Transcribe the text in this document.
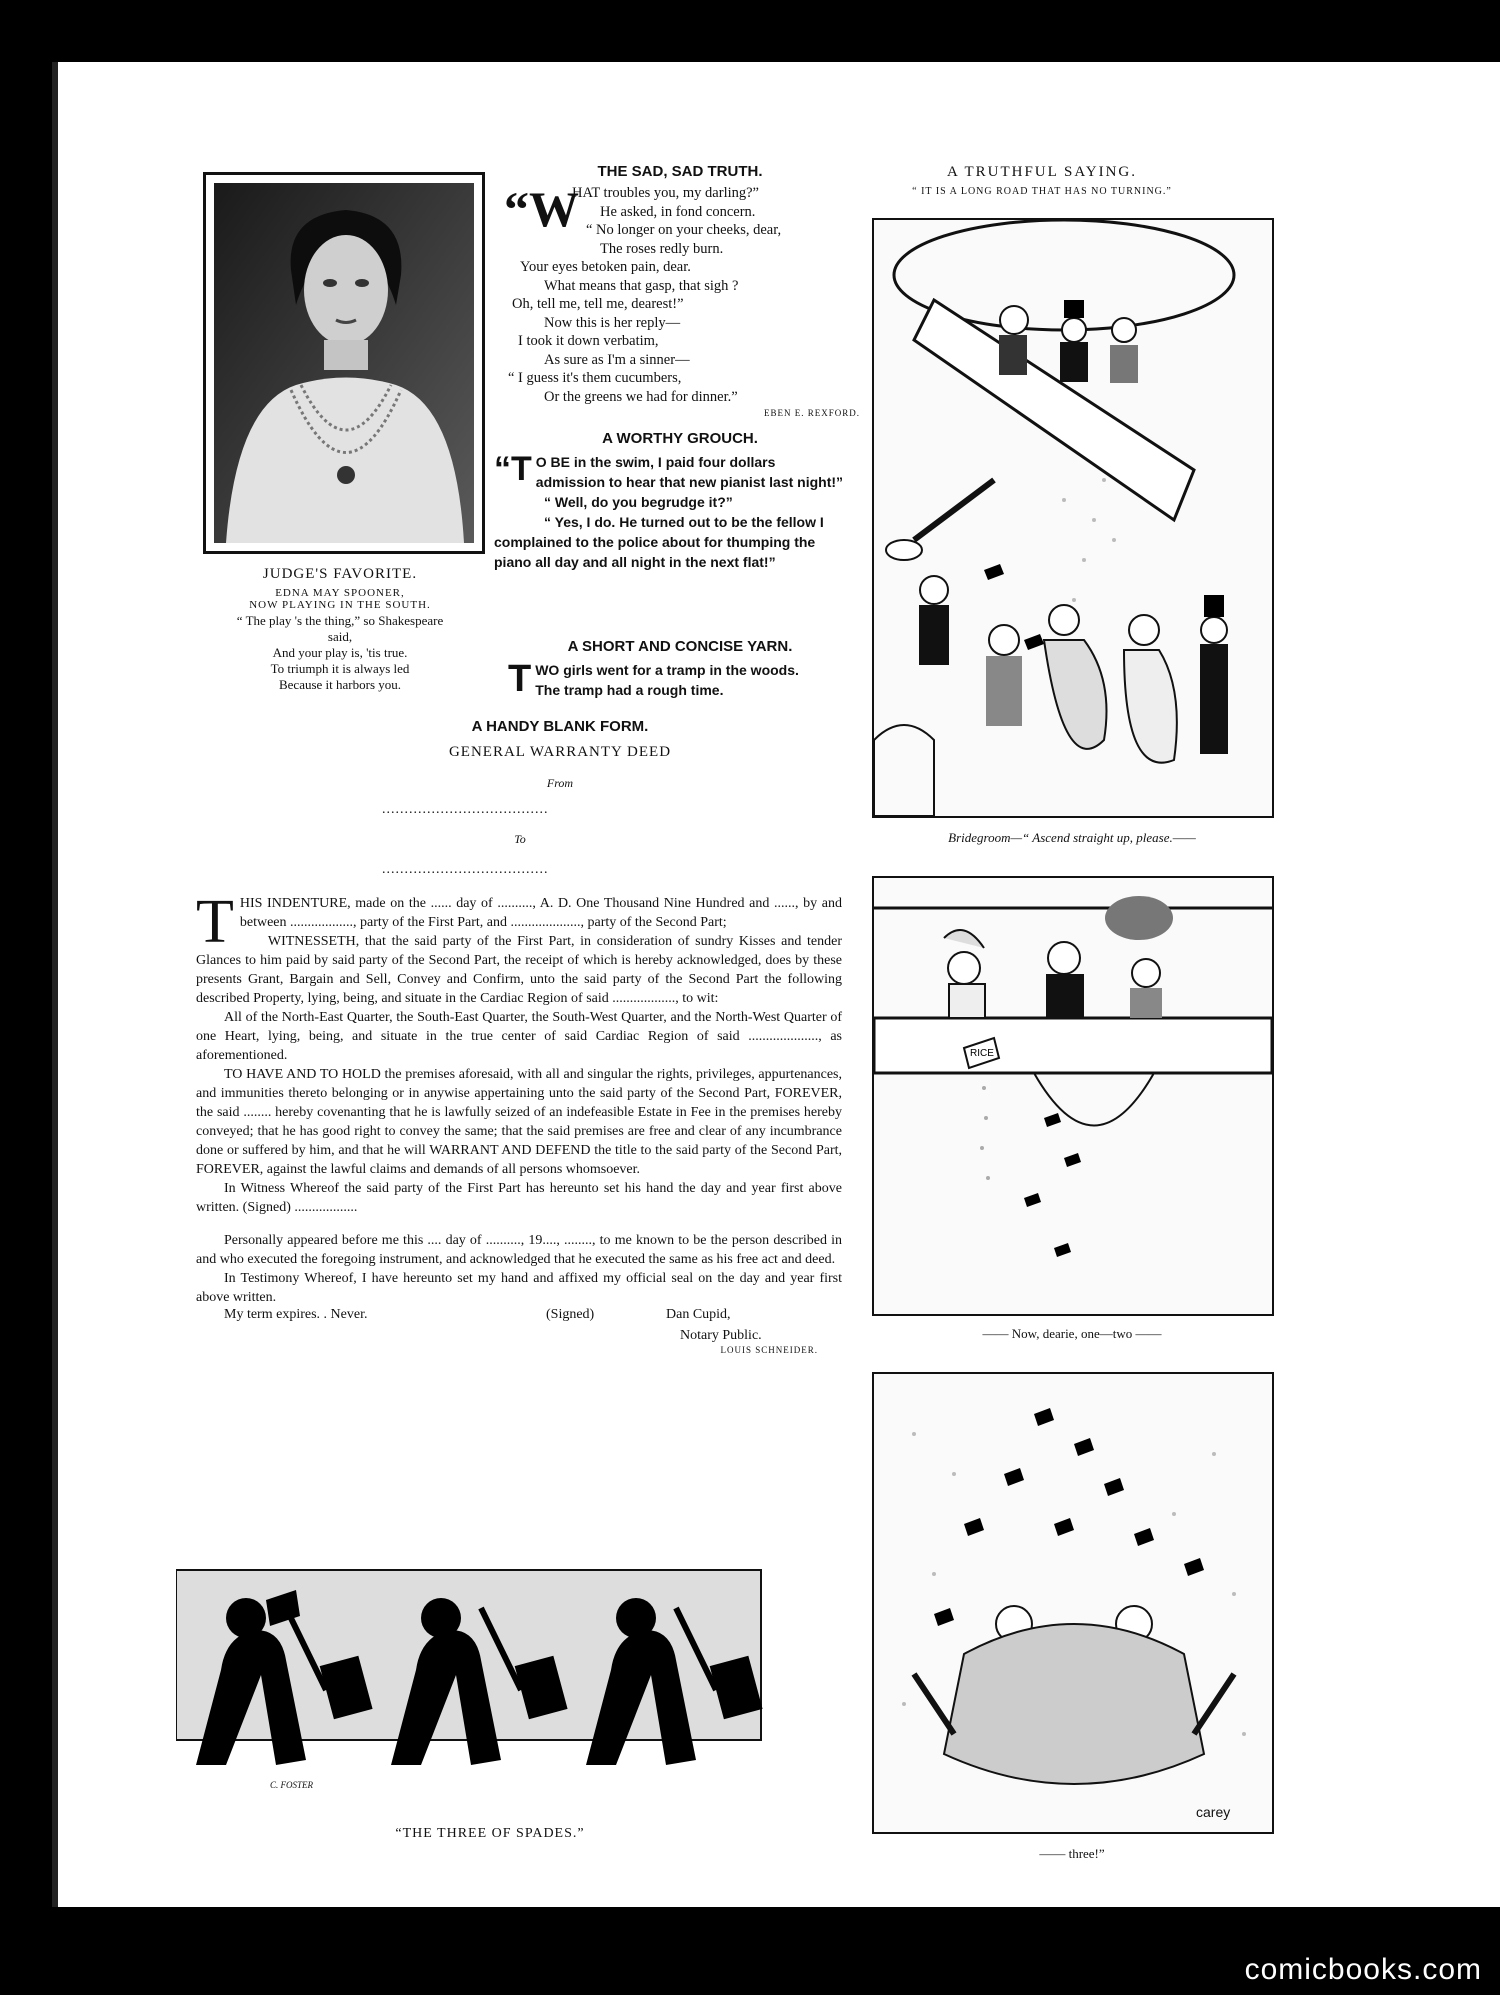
JUDGE'S FAVORITE.
EDNA MAY SPOONER,
NOW PLAYING IN THE SOUTH.
“ The play 's the thing,” so Shakespeare
said,
And your play is, 'tis true.
To triumph it is always led
Because it harbors you.
THE SAD, SAD TRUTH.
“W
HAT troubles you, my darling?”
He asked, in fond concern.
“ No longer on your cheeks, dear,
The roses redly burn.
Your eyes betoken pain, dear.
What means that gasp, that sigh ?
Oh, tell me, tell me, dearest!”
Now this is her reply—
I took it down verbatim,
As sure as I'm a sinner—
“ I guess it's them cucumbers,
Or the greens we had for dinner.”
EBEN E. REXFORD.
A WORTHY GROUCH.
“T O BE in the swim, I paid four dollars admission to hear that new pianist last night!”
“ Well, do you begrudge it?”
“ Yes, I do. He turned out to be the fellow I complained to the police about for thumping the piano all day and all night in the next flat!”
A SHORT AND CONCISE YARN.
T WO girls went for a tramp in the woods.
The tramp had a rough time.
A HANDY BLANK FORM.
GENERAL WARRANTY DEED
From
.....................................
To
.....................................
T HIS INDENTURE, made on the ...... day of .........., A. D. One Thousand Nine Hundred and ......, by and between .................., party of the First Part, and ...................., party of the Second Part;

WITNESSETH, that the said party of the First Part, in consideration of sundry Kisses and tender Glances to him paid by said party of the Second Part, the receipt of which is hereby acknowledged, does by these presents Grant, Bargain and Sell, Convey and Confirm, unto the said party of the Second Part the following described Property, lying, being, and situate in the Cardiac Region of said .................., to wit:

All of the North-East Quarter, the South-East Quarter, the South-West Quarter, and the North-West Quarter of one Heart, lying, being, and situate in the true center of said Cardiac Region of said ...................., as aforementioned.

TO HAVE AND TO HOLD the premises aforesaid, with all and singular the rights, privileges, appurtenances, and immunities thereto belonging or in anywise appertaining unto the said party of the Second Part, FOREVER, the said ........ hereby covenanting that he is lawfully seized of an indefeasible Estate in Fee in the premises hereby conveyed; that he has good right to convey the same; that the said premises are free and clear of any incumbrance done or suffered by him, and that he will WARRANT AND DEFEND the title to the said party of the Second Part, FOREVER, against the lawful claims and demands of all persons whomsoever.

In Witness Whereof the said party of the First Part has hereunto set his hand the day and year first above written. (Signed) ..................

Personally appeared before me this .... day of .........., 19...., ........, to me known to be the person described in and who executed the foregoing instrument, and acknowledged that he executed the same as his free act and deed.

In Testimony Whereof, I have hereunto set my hand and affixed my official seal on the day and year first above written.

My term expires. . Never.	(Signed)	Dan Cupid,
Notary Public.
LOUIS SCHNEIDER.
C. FOSTER
“THE THREE OF SPADES.”
A TRUTHFUL SAYING.
“ IT IS A LONG ROAD THAT HAS NO TURNING.”
Bridegroom—“ Ascend straight up, please.——
RICE
—— Now, dearie, one—two ——
carey
—— three!”
comicbooks.com
